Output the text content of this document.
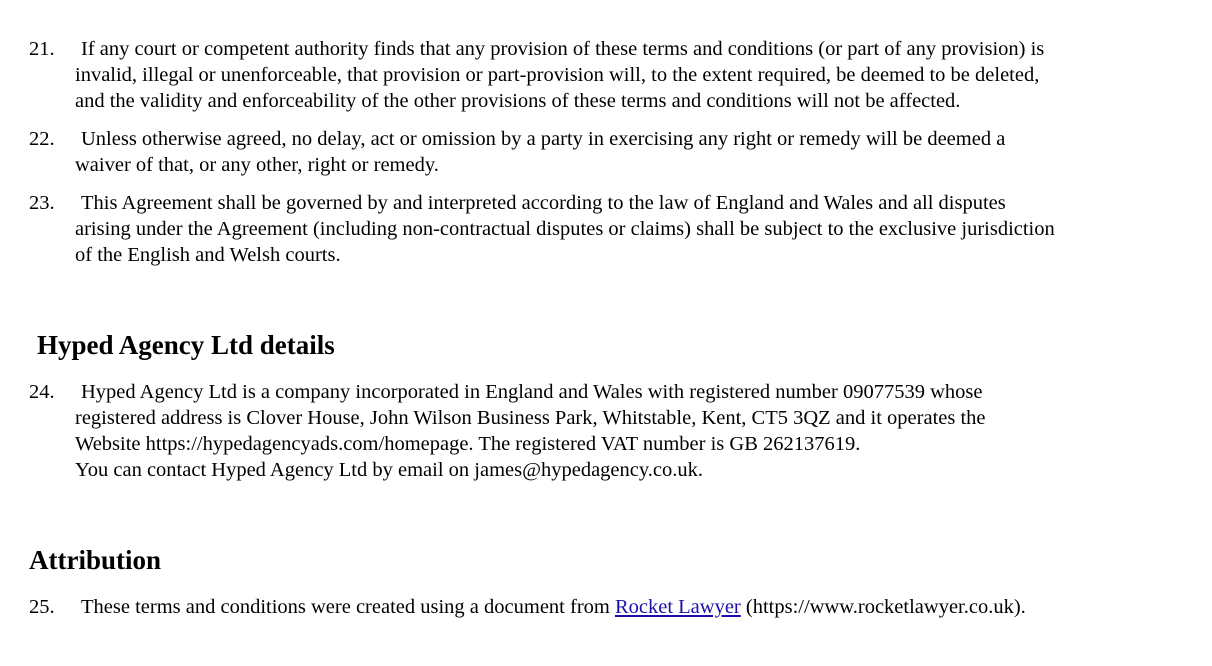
21. If any court or competent authority finds that any provision of these terms and conditions (or part of any provision) is
invalid, illegal or unenforceable, that provision or part-provision will, to the extent required, be deemed to be deleted,
and the validity and enforceability of the other provisions of these terms and conditions will not be affected.
22. Unless otherwise agreed, no delay, act or omission by a party in exercising any right or remedy will be deemed a
waiver of that, or any other, right or remedy.
23. This Agreement shall be governed by and interpreted according to the law of England and Wales and all disputes
arising under the Agreement (including non-contractual disputes or claims) shall be subject to the exclusive jurisdiction
of the English and Welsh courts.
Hyped Agency Ltd details
24. Hyped Agency Ltd is a company incorporated in England and Wales with registered number 09077539 whose
registered address is Clover House, John Wilson Business Park, Whitstable, Kent, CT5 3QZ and it operates the
Website https://hypedagencyads.com/homepage. The registered VAT number is GB 262137619.
You can contact Hyped Agency Ltd by email on james@hypedagency.co.uk.
Attribution
25. These terms and conditions were created using a document from Rocket Lawyer (https://www.rocketlawyer.co.uk).
